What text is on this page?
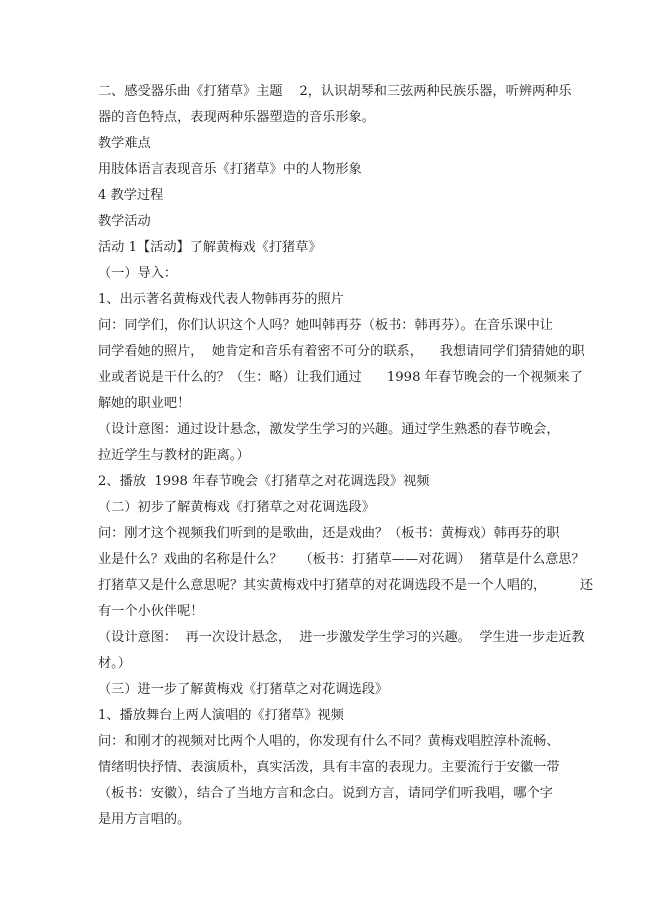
二、感受器乐曲《打猪草》主题    2，认识胡琴和三弦两种民族乐器，听辨两种乐
器的音色特点，表现两种乐器塑造的音乐形象。
教学难点
用肢体语言表现音乐《打猪草》中的人物形象
4 教学过程
教学活动
活动 1【活动】了解黄梅戏《打猪草》
（一）导入：
1、出示著名黄梅戏代表人物韩再芬的照片
问：同学们，你们认识这个人吗？她叫韩再芬（板书：韩再芬）。在音乐课中让
同学看她的照片，  她肯定和音乐有着密不可分的联系，    我想请同学们猜猜她的职
业或者说是干什么的？（生：略）让我们通过      1998 年春节晚会的一个视频来了
解她的职业吧！
（设计意图：通过设计悬念，激发学生学习的兴趣。通过学生熟悉的春节晚会，
拉近学生与教材的距离。）
2、播放  1998 年春节晚会《打猪草之对花调选段》视频
（二）初步了解黄梅戏《打猪草之对花调选段》
问：刚才这个视频我们听到的是歌曲，还是戏曲？（板书：黄梅戏）韩再芬的职
业是什么？戏曲的名称是什么？    （板书：打猪草——对花调）  猪草是什么意思？
打猪草又是什么意思呢？其实黄梅戏中打猪草的对花调选段不是一个人唱的，        还
有一个小伙伴呢！
（设计意图：  再一次设计悬念，  进一步激发学生学习的兴趣。  学生进一步走近教
材。）
（三）进一步了解黄梅戏《打猪草之对花调选段》
1、播放舞台上两人演唱的《打猪草》视频
问：和刚才的视频对比两个人唱的，你发现有什么不同？黄梅戏唱腔淳朴流畅、
情绪明快抒情、表演质朴，真实活泼，具有丰富的表现力。主要流行于安徽一带
（板书：安徽），结合了当地方言和念白。说到方言，请同学们听我唱，哪个字
是用方言唱的。
